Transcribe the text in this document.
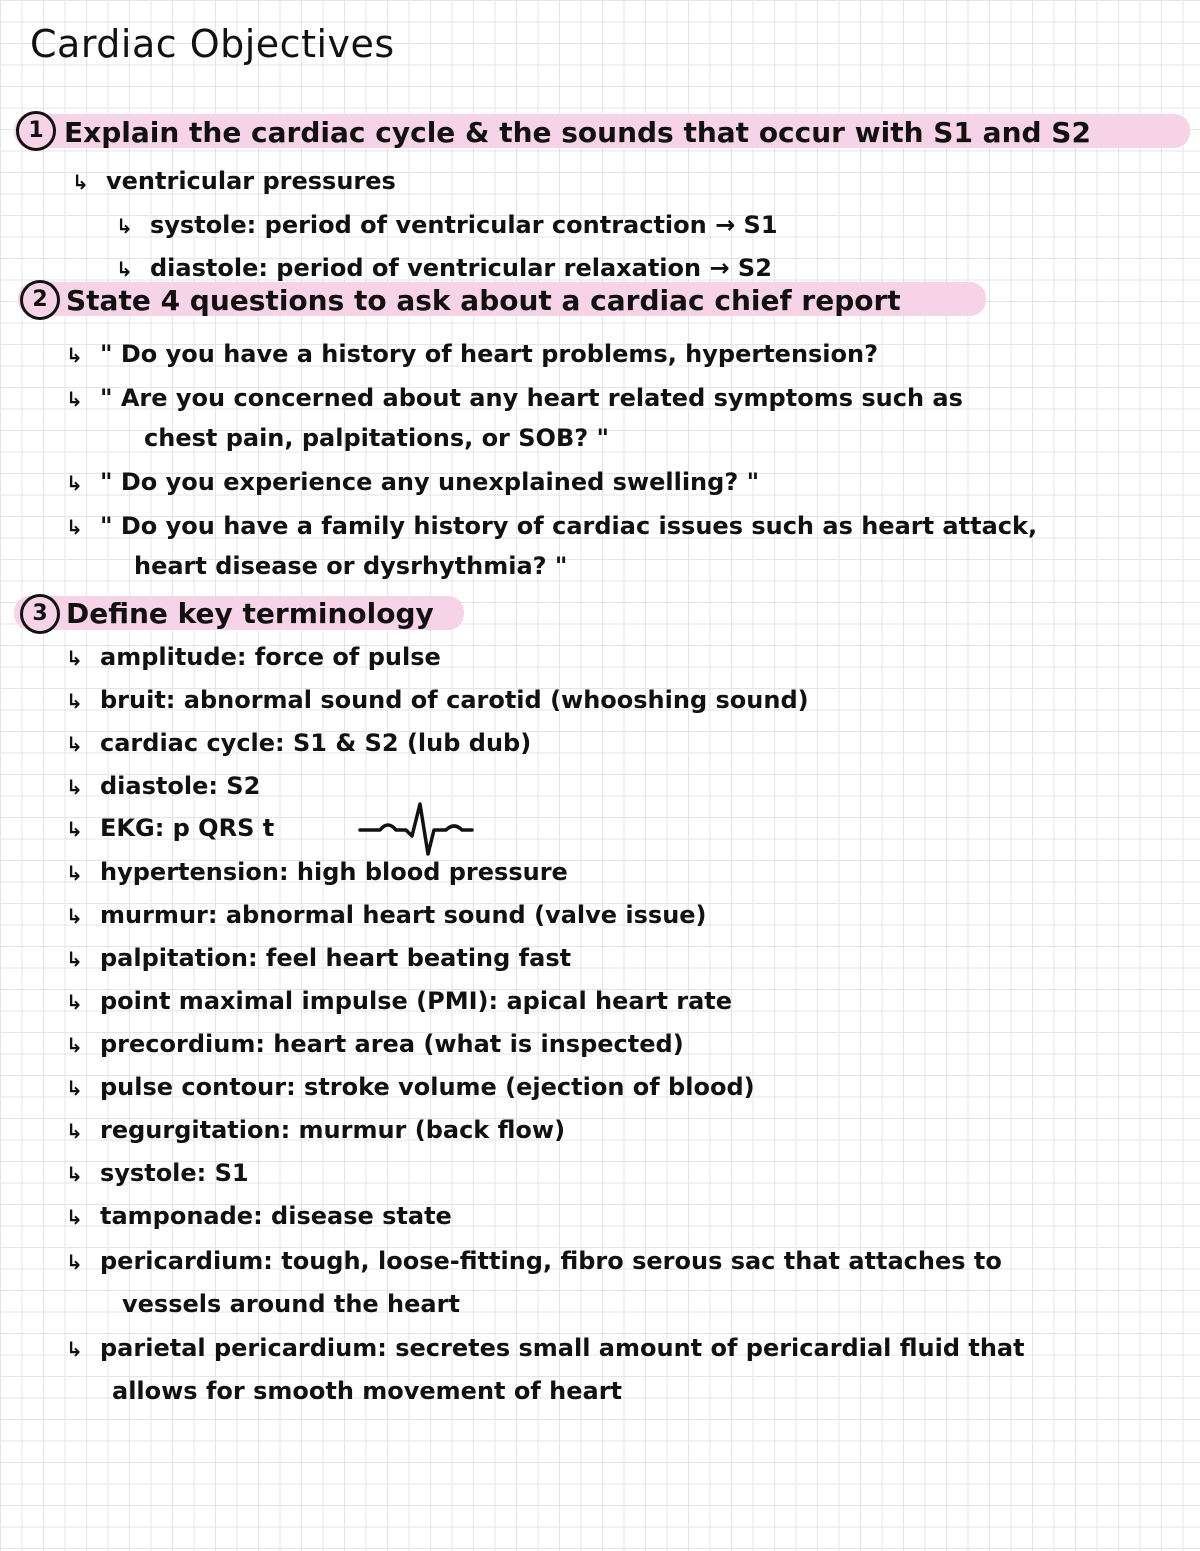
Cardiac Objectives
1 Explain the cardiac cycle & the sounds that occur with S1 and S2
↳ ventricular pressures
↳ systole: period of ventricular contraction → S1
↳ diastole: period of ventricular relaxation → S2
2 State 4 questions to ask about a cardiac chief report
↳ " Do you have a history of heart problems, hypertension?
↳ " Are you concerned about any heart related symptoms such as
chest pain, palpitations, or SOB? "
↳ " Do you experience any unexplained swelling? "
↳ " Do you have a family history of cardiac issues such as heart attack,
heart disease or dysrhythmia? "
3 Define key terminology
↳ amplitude: force of pulse
↳ bruit: abnormal sound of carotid (whooshing sound)
↳ cardiac cycle: S1 & S2 (lub dub)
↳ diastole: S2
↳ EKG: p QRS t
↳ hypertension: high blood pressure
↳ murmur: abnormal heart sound (valve issue)
↳ palpitation: feel heart beating fast
↳ point maximal impulse (PMI): apical heart rate
↳ precordium: heart area (what is inspected)
↳ pulse contour: stroke volume (ejection of blood)
↳ regurgitation: murmur (back flow)
↳ systole: S1
↳ tamponade: disease state
↳ pericardium: tough, loose-fitting, fibro serous sac that attaches to
vessels around the heart
↳ parietal pericardium: secretes small amount of pericardial fluid that
allows for smooth movement of heart
